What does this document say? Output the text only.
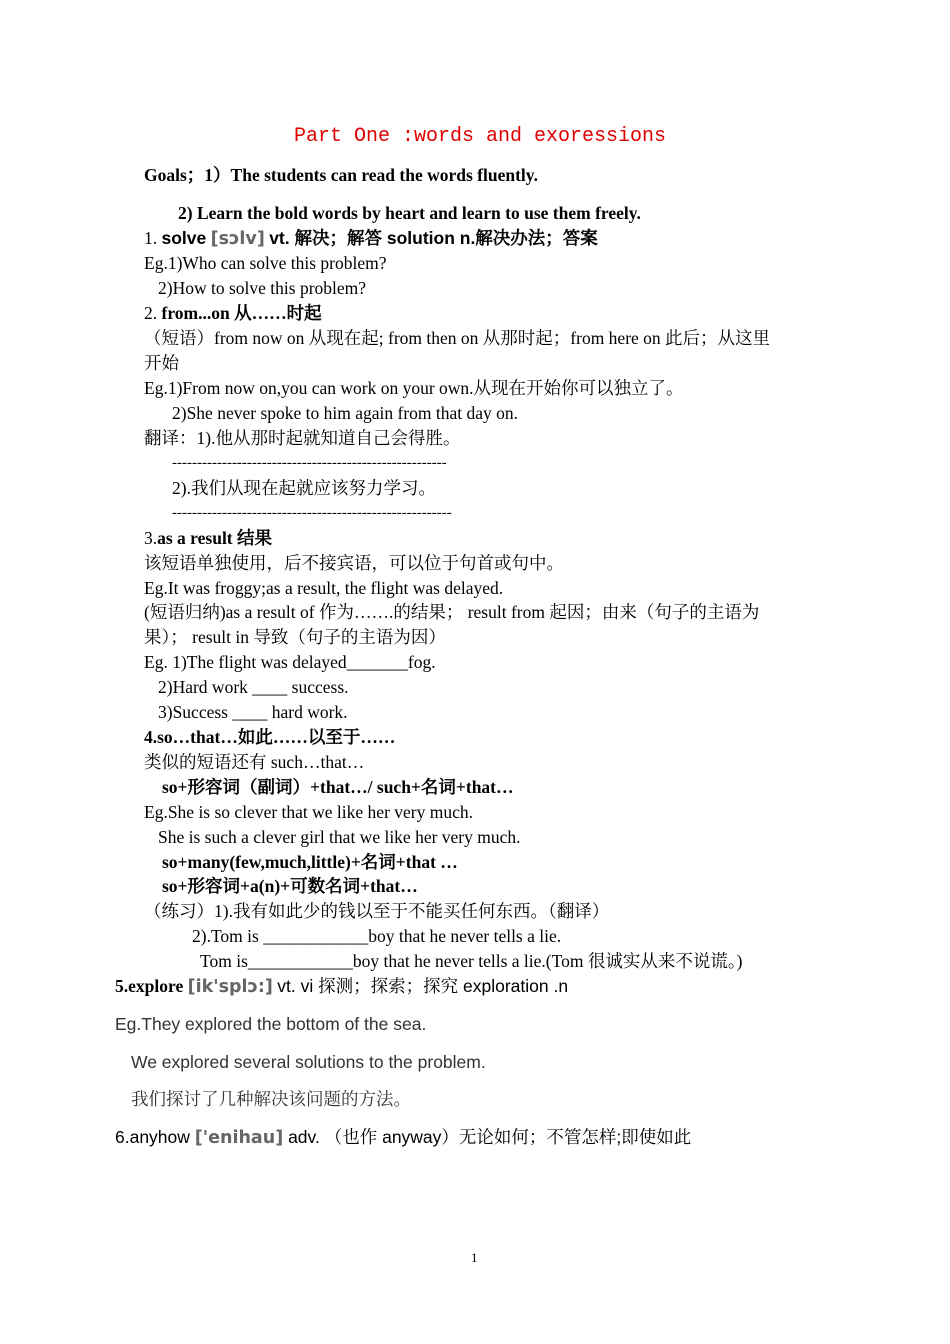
Part One :words and exoressions
Goals；1）The students can read the words fluently.
2) Learn the bold words by heart and learn to use them freely.
1. solve [sɔlv] vt. 解决；解答 solution n.解决办法；答案
Eg.1)Who can solve this problem?
2)How to solve this problem?
2. from...on 从……时起
（短语）from now on 从现在起; from then on 从那时起；from here on 此后；从这里
开始
Eg.1)From now on,you can work on your own.从现在开始你可以独立了。
2)She never spoke to him again from that day on.
翻译：1).他从那时起就知道自己会得胜。
-------------------------------------------------------
2).我们从现在起就应该努力学习。
--------------------------------------------------------
3.as a result 结果
该短语单独使用，后不接宾语，可以位于句首或句中。
Eg.It was froggy;as a result, the flight was delayed.
(短语归纳)as a result of 作为…….的结果； result from 起因；由来（句子的主语为
果）； result in 导致（句子的主语为因）
Eg. 1)The flight was delayed_______fog.
2)Hard work ____ success.
3)Success ____ hard work.
4.so…that…如此……以至于……
类似的短语还有 such…that…
so+形容词（副词）+that…/ such+名词+that…
Eg.She is so clever that we like her very much.
She is such a clever girl that we like her very much.
so+many(few,much,little)+名词+that …
so+形容词+a(n)+可数名词+that…
（练习）1).我有如此少的钱以至于不能买任何东西。（翻译）
2).Tom is ____________boy that he never tells a lie.
Tom is____________boy that he never tells a lie.(Tom 很诚实从来不说谎。)
5.explore [ik'splɔ:] vt. vi 探测；探索；探究 exploration .n
Eg.They explored the bottom of the sea.
We explored several solutions to the problem.
我们探讨了几种解决该问题的方法。
6.anyhow ['enihau] adv. （也作 anyway）无论如何；不管怎样;即使如此
1
